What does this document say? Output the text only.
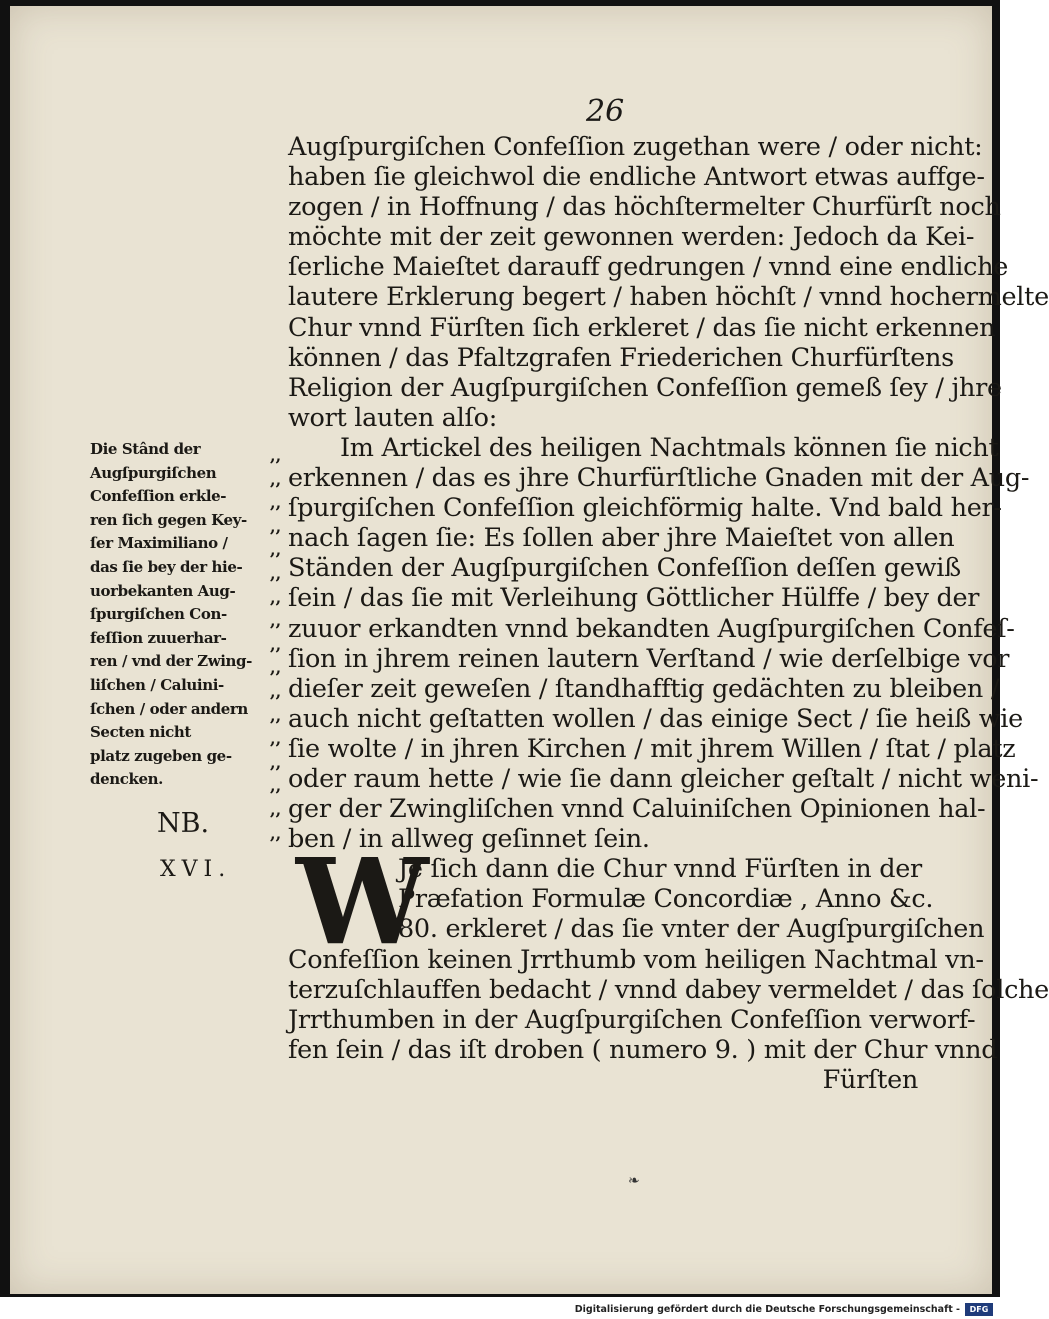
26
Augſpurgiſchen Confeſſion zugethan were / oder nicht:
haben ſie gleichwol die endliche Antwort etwas auffge-
zogen / in Hoffnung / das höchſtermelter Churfürſt noch
möchte mit der zeit gewonnen werden: Jedoch da Kei-
ſerliche Maieſtet darauff gedrungen / vnnd eine endliche
lautere Erklerung begert / haben höchſt / vnnd hochermelte
Chur vnnd Fürſten ſich erkleret / das ſie nicht erkennen
können / das Pfaltzgrafen Friederichen Churfürſtens
Religion der Augſpurgiſchen Confeſſion gemeß ſey / jhre
wort lauten alſo:
Im Artickel des heiligen Nachtmals können ſie nicht
erkennen / das es jhre Churfürſtliche Gnaden mit der Aug-
ſpurgiſchen Confeſſion gleichförmig halte. Vnd bald her-
nach ſagen ſie: Es ſollen aber jhre Maieſtet von allen
Ständen der Augſpurgiſchen Confeſſion deſſen gewiß
ſein / das ſie mit Verleihung Göttlicher Hülffe / bey der
zuuor erkandten vnnd bekandten Augſpurgiſchen Confeſ-
ſion in jhrem reinen lautern Verſtand / wie derſelbige vor
dieſer zeit geweſen / ſtandhafftig gedächten zu bleiben /
auch nicht geſtatten wollen / das einige Sect / ſie heiß wie
ſie wolte / in jhren Kirchen / mit jhrem Willen / ſtat / platz
oder raum hette / wie ſie dann gleicher geſtalt / nicht weni-
ger der Zwingliſchen vnnd Caluiniſchen Opinionen hal-
ben / in allweg geſinnet ſein.
Je ſich dann die Chur vnnd Fürſten in der
Præfation Formulæ Concordiæ , Anno &c.
80. erkleret / das ſie vnter der Augſpurgiſchen
Confeſſion keinen Jrrthumb vom heiligen Nachtmal vn-
terzuſchlauffen bedacht / vnnd dabey vermeldet / das ſolche
Jrrthumben in der Augſpurgiſchen Confeſſion verworf-
fen ſein / das iſt droben ( numero 9. ) mit der Chur vnnd
Fürſten
W
Die Stând der
Augſpurgiſchen
Confeſſion erkle-
ren ſich gegen Key-
ſer Maximiliano /
das ſie bey der hie-
uorbekanten Aug-
ſpurgiſchen Con-
feſſion zuuerhar-
ren / vnd der Zwing-
liſchen / Caluini-
ſchen / oder andern
Secten nicht
platz zugeben ge-
dencken.
,,
,,
,,
,,
,,
,,
,,
,,
,,
,,
,,
,,
,,
,,
,,
,,
,,
NB.
XVI.
❧
Digitalisierung gefördert durch die Deutsche Forschungsgemeinschaft -	DFG
